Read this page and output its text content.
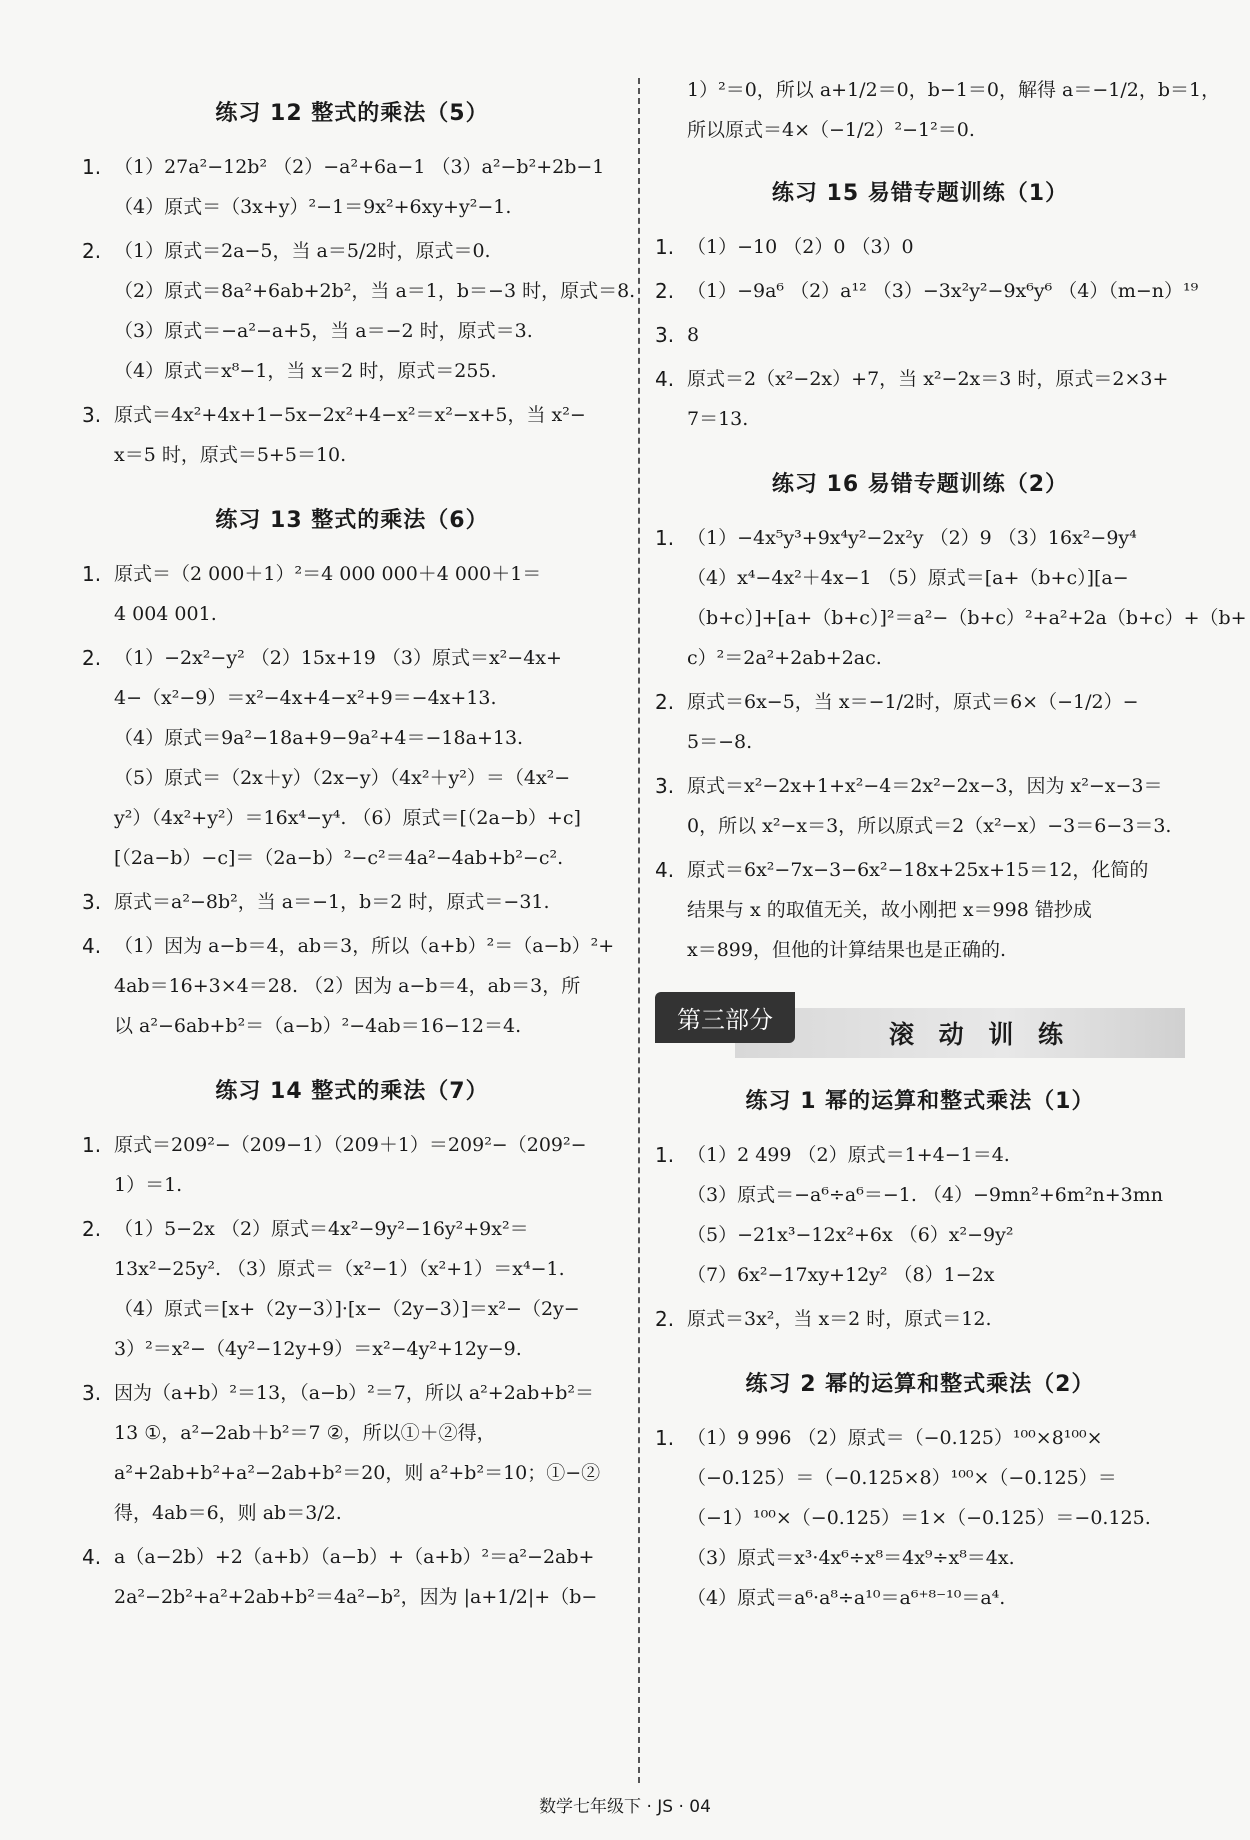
练习 12 整式的乘法（5）
1. （1）27a²−12b² （2）−a²+6a−1 （3）a²−b²+2b−1
（4）原式＝（3x+y）²−1＝9x²+6xy+y²−1.
2. （1）原式＝2a−5，当 a＝5/2时，原式＝0.
（2）原式＝8a²+6ab+2b²，当 a＝1，b＝−3 时，原式＝8.
（3）原式＝−a²−a+5，当 a＝−2 时，原式＝3.
（4）原式＝x⁸−1，当 x＝2 时，原式＝255.
3. 原式＝4x²+4x+1−5x−2x²+4−x²＝x²−x+5，当 x²−
x＝5 时，原式＝5+5＝10.
练习 13 整式的乘法（6）
1. 原式＝（2 000＋1）²＝4 000 000＋4 000＋1＝
4 004 001.
2. （1）−2x²−y² （2）15x+19 （3）原式＝x²−4x+
4−（x²−9）＝x²−4x+4−x²+9＝−4x+13.
（4）原式＝9a²−18a+9−9a²+4＝−18a+13.
（5）原式＝（2x＋y）（2x−y）（4x²＋y²）＝（4x²−
y²）（4x²+y²）＝16x⁴−y⁴. （6）原式＝[（2a−b）+c]
[（2a−b）−c]＝（2a−b）²−c²＝4a²−4ab+b²−c².
3. 原式＝a²−8b²，当 a＝−1，b＝2 时，原式＝−31.
4. （1）因为 a−b＝4，ab＝3，所以（a+b）²＝（a−b）²+
4ab＝16+3×4＝28. （2）因为 a−b＝4，ab＝3，所
以 a²−6ab+b²＝（a−b）²−4ab＝16−12＝4.
练习 14 整式的乘法（7）
1. 原式＝209²−（209−1）（209＋1）＝209²−（209²−
1）＝1.
2. （1）5−2x （2）原式＝4x²−9y²−16y²+9x²＝
13x²−25y². （3）原式＝（x²−1）（x²+1）＝x⁴−1.
（4）原式＝[x+（2y−3）]·[x−（2y−3）]＝x²−（2y−
3）²＝x²−（4y²−12y+9）＝x²−4y²+12y−9.
3. 因为（a+b）²＝13，（a−b）²＝7，所以 a²+2ab+b²＝
13 ①，a²−2ab＋b²＝7 ②，所以①＋②得，
a²+2ab+b²+a²−2ab+b²＝20，则 a²+b²＝10；①−②
得，4ab＝6，则 ab＝3/2.
4. a（a−2b）+2（a+b）（a−b）+（a+b）²＝a²−2ab+
2a²−2b²+a²+2ab+b²＝4a²−b²，因为 |a+1/2|+（b−
1）²＝0，所以 a+1/2＝0，b−1＝0，解得 a＝−1/2，b＝1，
所以原式＝4×（−1/2）²−1²＝0.
练习 15 易错专题训练（1）
1. （1）−10 （2）0 （3）0
2. （1）−9a⁶ （2）a¹² （3）−3x²y²−9x⁶y⁶ （4）（m−n）¹⁹
3. 8
4. 原式＝2（x²−2x）+7，当 x²−2x＝3 时，原式＝2×3+
7＝13.
练习 16 易错专题训练（2）
1. （1）−4x⁵y³+9x⁴y²−2x²y （2）9 （3）16x²−9y⁴
（4）x⁴−4x²＋4x−1 （5）原式＝[a+（b+c）][a−
（b+c）]+[a+（b+c）]²＝a²−（b+c）²+a²+2a（b+c）+（b+
c）²＝2a²+2ab+2ac.
2. 原式＝6x−5，当 x＝−1/2时，原式＝6×（−1/2）−
5＝−8.
3. 原式＝x²−2x+1+x²−4＝2x²−2x−3，因为 x²−x−3＝
0，所以 x²−x＝3，所以原式＝2（x²−x）−3＝6−3＝3.
4. 原式＝6x²−7x−3−6x²−18x+25x+15＝12，化简的
结果与 x 的取值无关，故小刚把 x＝998 错抄成
x＝899，但他的计算结果也是正确的.
第三部分	滚 动 训 练
练习 1 幂的运算和整式乘法（1）
1. （1）2 499 （2）原式＝1+4−1＝4.
（3）原式＝−a⁶÷a⁶＝−1. （4）−9mn²+6m²n+3mn
（5）−21x³−12x²+6x （6）x²−9y²
（7）6x²−17xy+12y² （8）1−2x
2. 原式＝3x²，当 x＝2 时，原式＝12.
练习 2 幂的运算和整式乘法（2）
1. （1）9 996 （2）原式＝（−0.125）¹⁰⁰×8¹⁰⁰×
（−0.125）＝（−0.125×8）¹⁰⁰×（−0.125）＝
（−1）¹⁰⁰×（−0.125）＝1×（−0.125）＝−0.125.
（3）原式＝x³·4x⁶÷x⁸＝4x⁹÷x⁸＝4x.
（4）原式＝a⁶·a⁸÷a¹⁰＝a⁶⁺⁸⁻¹⁰＝a⁴.
数学七年级下 · JS · 04
